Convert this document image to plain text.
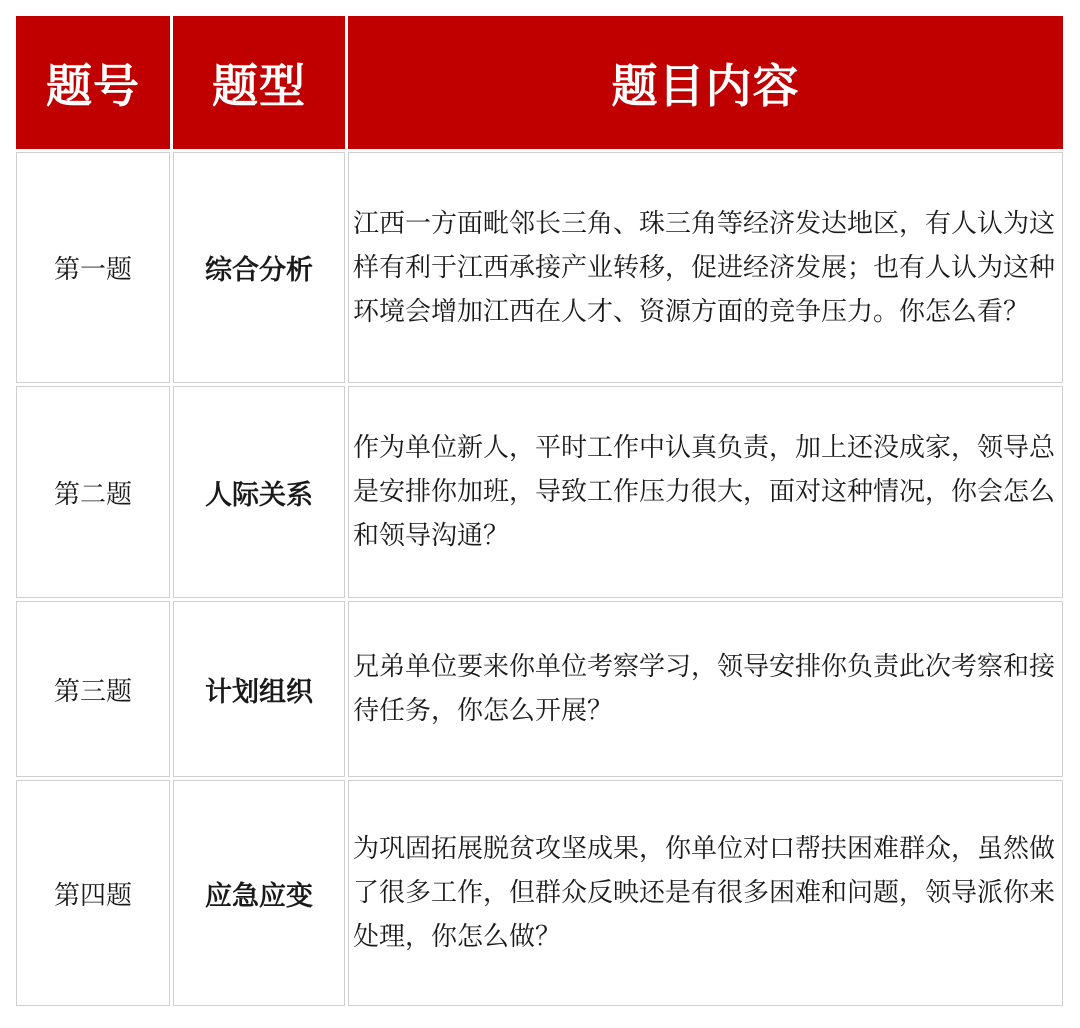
题号	题型	题目内容
第一题	综合分析	江西一方面毗邻长三角、珠三角等经济发达地区，有人认为这样有利于江西承接产业转移，促进经济发展；也有人认为这种环境会增加江西在人才、资源方面的竞争压力。你怎么看？
第二题	人际关系	作为单位新人，平时工作中认真负责，加上还没成家，领导总是安排你加班，导致工作压力很大，面对这种情况，你会怎么和领导沟通？
第三题	计划组织	兄弟单位要来你单位考察学习，领导安排你负责此次考察和接待任务，你怎么开展？
第四题	应急应变	为巩固拓展脱贫攻坚成果，你单位对口帮扶困难群众，虽然做了很多工作，但群众反映还是有很多困难和问题，领导派你来处理，你怎么做？
